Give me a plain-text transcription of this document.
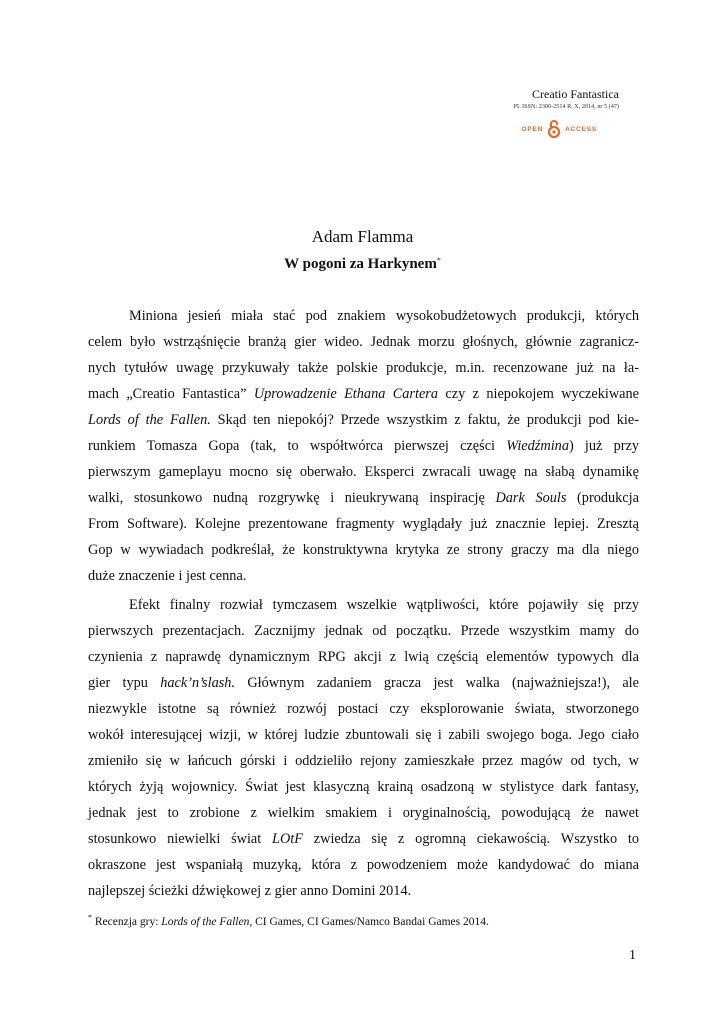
Creatio Fantastica
PL ISSN: 2300-2514 R. X, 2014, nr 5 (47)
OPEN	ACCESS
Adam Flamma
W pogoni za Harkynem*
Miniona jesień miała stać pod znakiem wysokobudżetowych produkcji, których
celem było wstrząśnięcie branżą gier wideo. Jednak morzu głośnych, głównie zagranicz-
nych tytułów uwagę przykuwały także polskie produkcje, m.in. recenzowane już na ła-
mach „Creatio Fantastica” Uprowadzenie Ethana Cartera czy z niepokojem wyczekiwane
Lords of the Fallen. Skąd ten niepokój? Przede wszystkim z faktu, że produkcji pod kie-
runkiem Tomasza Gopa (tak, to współtwórca pierwszej części Wiedźmina) już przy
pierwszym gameplayu mocno się oberwało. Eksperci zwracali uwagę na słabą dynamikę
walki, stosunkowo nudną rozgrywkę i nieukrywaną inspirację Dark Souls (produkcja
From Software). Kolejne prezentowane fragmenty wyglądały już znacznie lepiej. Zresztą
Gop w wywiadach podkreślał, że konstruktywna krytyka ze strony graczy ma dla niego
duże znaczenie i jest cenna.
Efekt finalny rozwiał tymczasem wszelkie wątpliwości, które pojawiły się przy
pierwszych prezentacjach. Zacznijmy jednak od początku. Przede wszystkim mamy do
czynienia z naprawdę dynamicznym RPG akcji z lwią częścią elementów typowych dla
gier typu hack’n’slash. Głównym zadaniem gracza jest walka (najważniejsza!), ale
niezwykle istotne są również rozwój postaci czy eksplorowanie świata, stworzonego
wokół interesującej wizji, w której ludzie zbuntowali się i zabili swojego boga. Jego ciało
zmieniło się w łańcuch górski i oddzieliło rejony zamieszkałe przez magów od tych, w
których żyją wojownicy. Świat jest klasyczną krainą osadzoną w stylistyce dark fantasy,
jednak jest to zrobione z wielkim smakiem i oryginalnością, powodującą że nawet
stosunkowo niewielki świat LOtF zwiedza się z ogromną ciekawością. Wszystko to
okraszone jest wspaniałą muzyką, która z powodzeniem może kandydować do miana
najlepszej ścieżki dźwiękowej z gier anno Domini 2014.
* Recenzja gry: Lords of the Fallen, CI Games, CI Games/Namco Bandai Games 2014.
1
